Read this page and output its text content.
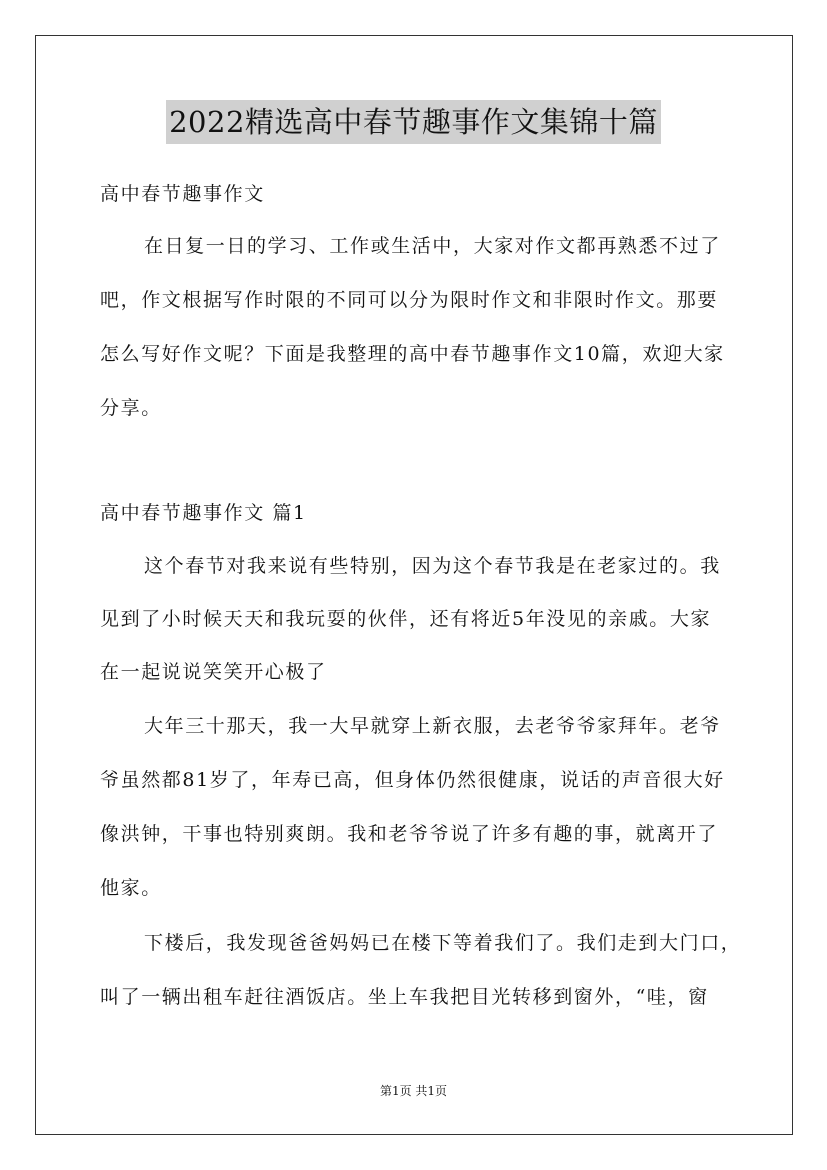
2022精选高中春节趣事作文集锦十篇
高中春节趣事作文
在日复一日的学习、工作或生活中，大家对作文都再熟悉不过了
吧，作文根据写作时限的不同可以分为限时作文和非限时作文。那要
怎么写好作文呢？下面是我整理的高中春节趣事作文10篇，欢迎大家
分享。
高中春节趣事作文 篇1
这个春节对我来说有些特别，因为这个春节我是在老家过的。我
见到了小时候天天和我玩耍的伙伴，还有将近5年没见的亲戚。大家
在一起说说笑笑开心极了
大年三十那天，我一大早就穿上新衣服，去老爷爷家拜年。老爷
爷虽然都81岁了，年寿已高，但身体仍然很健康，说话的声音很大好
像洪钟，干事也特别爽朗。我和老爷爷说了许多有趣的事，就离开了
他家。
下楼后，我发现爸爸妈妈已在楼下等着我们了。我们走到大门口，
叫了一辆出租车赶往酒饭店。坐上车我把目光转移到窗外，“哇，窗
第1页 共1页
